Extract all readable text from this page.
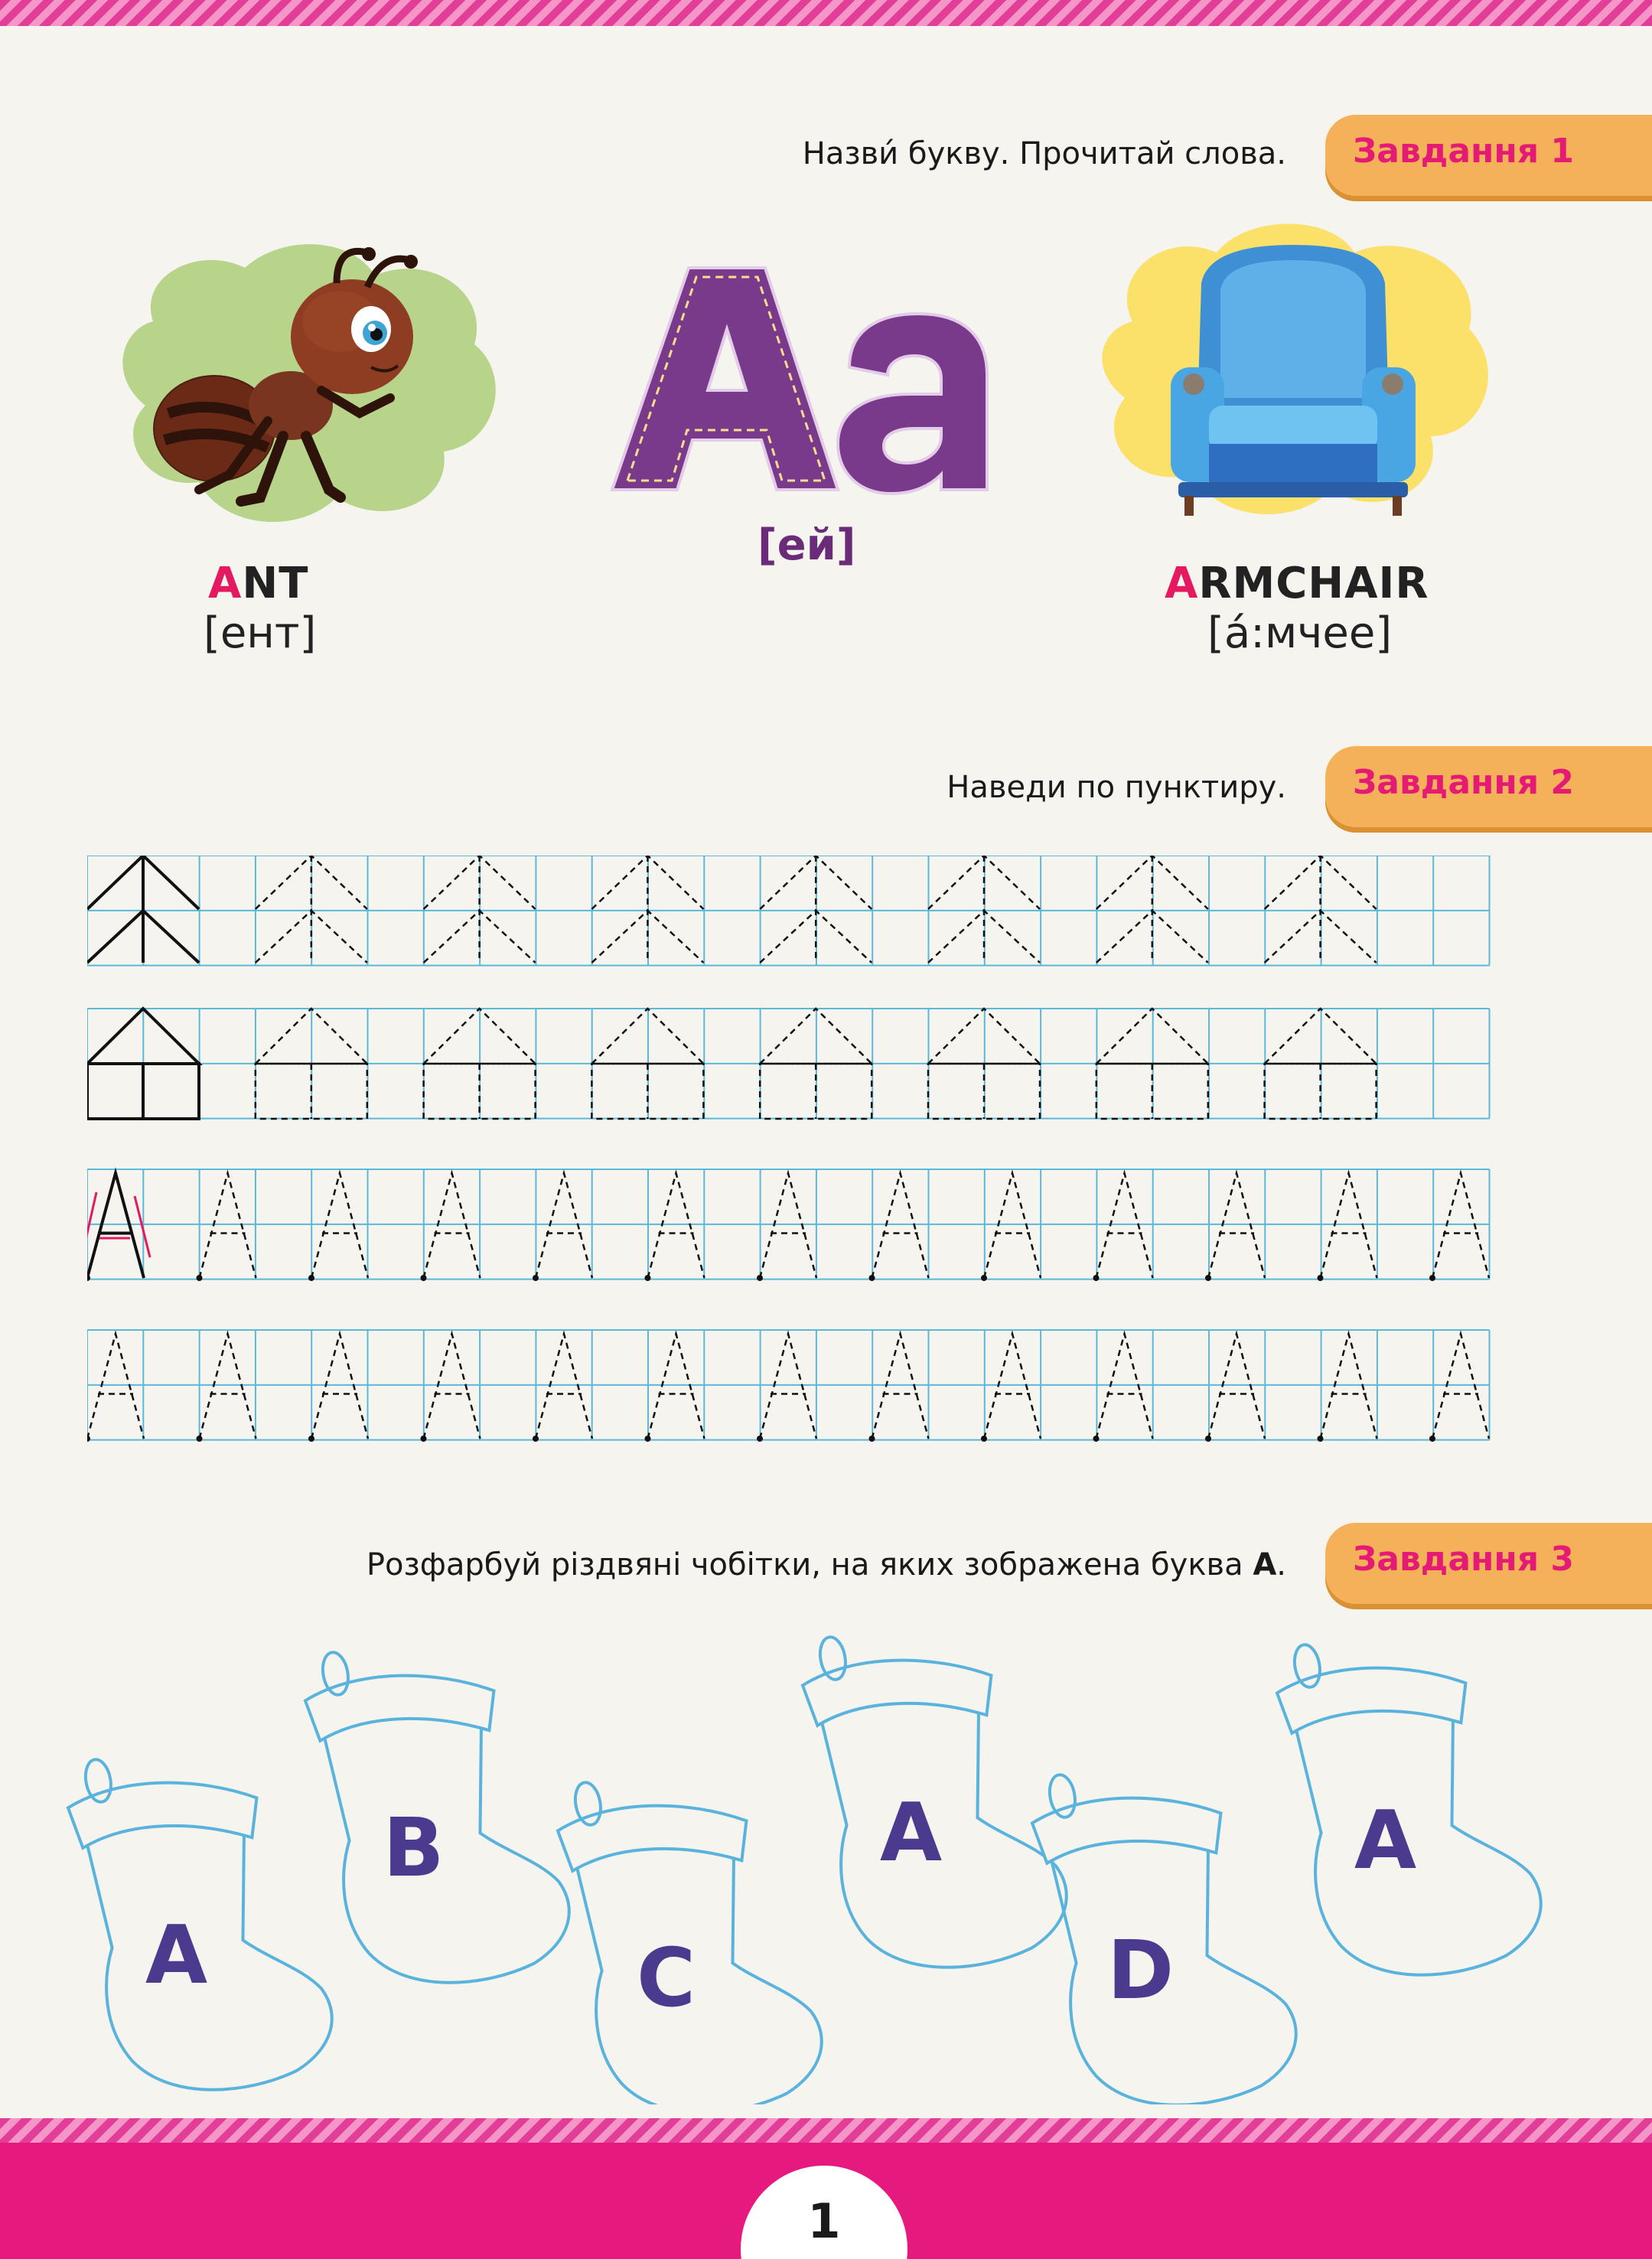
Назви́ букву. Прочитай слова. Завдання 1
[ей]
ANT
[ент]
ARMCHAIR
[а́:мчее]
Наведи по пунктиру. Завдання 2
Розфарбуй різдвяні чобітки, на яких зображена буква А. Завдання 3
A
B
C
A
D
A
1
